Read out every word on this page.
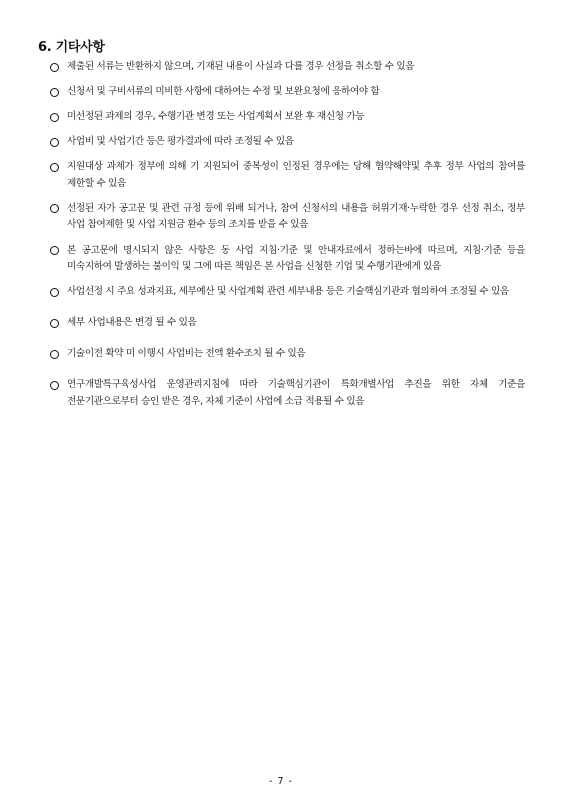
6. 기타사항
제출된 서류는 반환하지 않으며, 기재된 내용이 사실과 다를 경우 선정을 취소할 수 있음
신청서 및 구비서류의 미비한 사항에 대하여는 수정 및 보완요청에 응하여야 함
미선정된 과제의 경우, 수행기관 변경 또는 사업계획서 보완 후 재신청 가능
사업비 및 사업기간 등은 평가결과에 따라 조정될 수 있음
지원대상 과제가 정부에 의해 기 지원되어 중복성이 인정된 경우에는 당해 협약해약및 추후 정부 사업의 참여를 제한할 수 있음
선정된 자가 공고문 및 관련 규정 등에 위배 되거나, 참여 신청서의 내용을 허위기재·누락한 경우 선정 취소, 정부 사업 참여제한 및 사업 지원금 환수 등의 조치를 받을 수 있음
본 공고문에 명시되지 않은 사항은 동 사업 지침·기준 및 안내자료에서 정하는바에 따르며, 지침·기준 등을 미숙지하여 발생하는 불이익 및 그에 따른 책임은 본 사업을 신청한 기업 및 수행기관에게 있음
사업선정 시 주요 성과지표, 세부예산 및 사업계획 관련 세부내용 등은 기술핵심기관과 협의하여 조정될 수 있음
세부 사업내용은 변경 될 수 있음
기술이전 확약 미 이행시 사업비는 전액 환수조치 될 수 있음
연구개발특구육성사업 운영관리지침에 따라 기술핵심기관이 특화개별사업 추진을 위한 자체 기준을 전문기관으로부터 승인 받은 경우, 자체 기준이 사업에 소급 적용될 수 있음
- 7 -
